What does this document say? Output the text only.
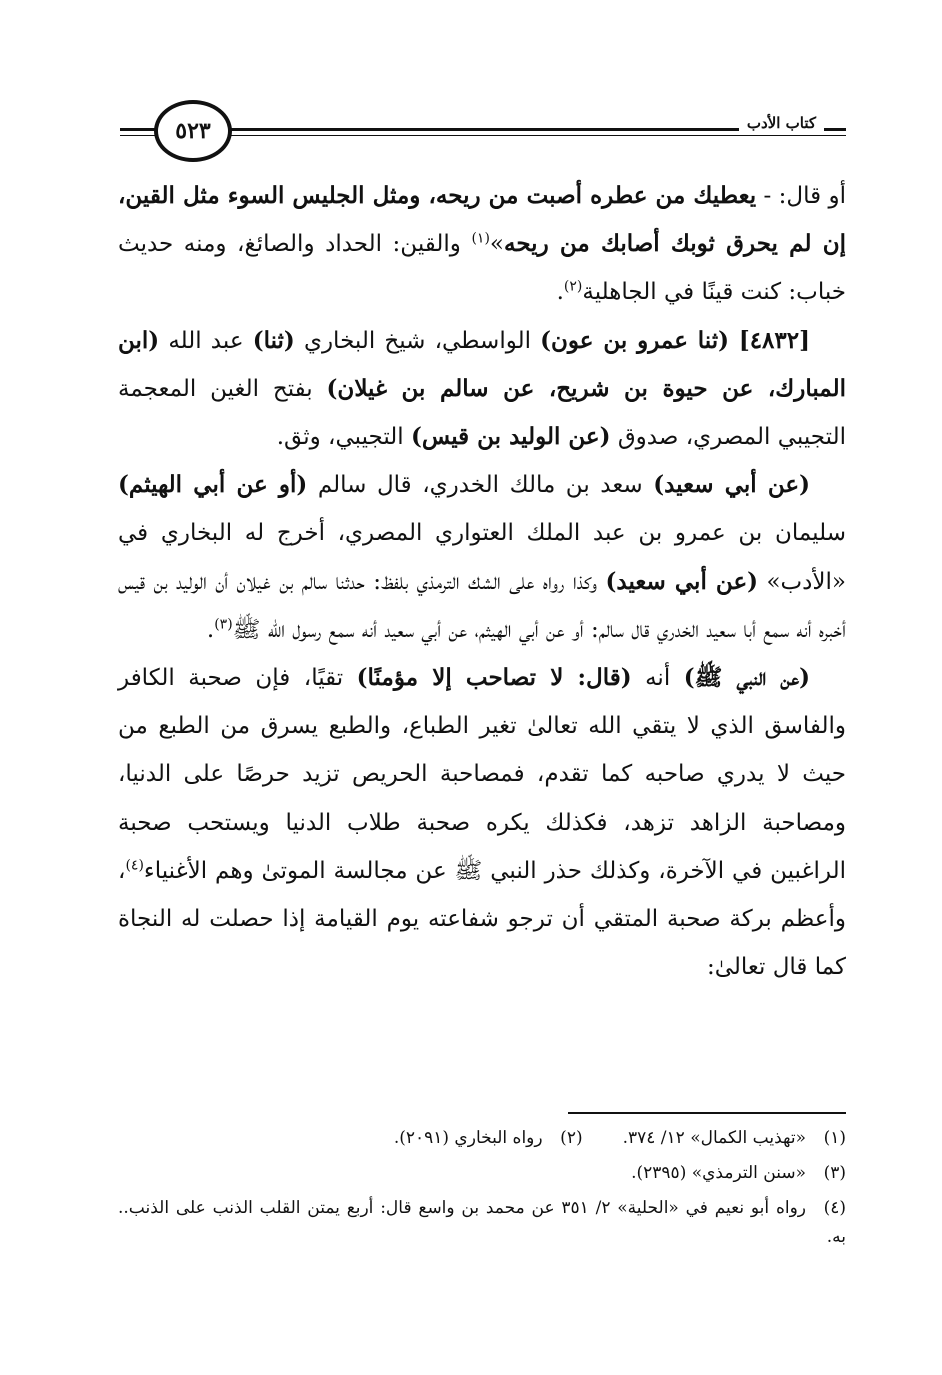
٥٢٣	كتاب الأدب

أو قال: - يعطيك من عطره أصبت من ريحه، ومثل الجليس السوء مثل القين، إن لم يحرق ثوبك أصابك من ريحه»$^{(١)}$ والقين: الحداد والصائغ، ومنه حديث خباب: كنت قينًا في الجاهلية$^{(٢)}$.

[٤٨٣٢] (ثنا عمرو بن عون) الواسطي، شيخ البخاري (ثنا) عبد الله (ابن المبارك، عن حيوة بن شريح، عن سالم بن غيلان) بفتح الغين المعجمة التجيبي المصري، صدوق (عن الوليد بن قيس) التجيبي، وثق.

(عن أبي سعيد) سعد بن مالك الخدري، قال سالم (أو عن أبي الهيثم) سليمان بن عمرو بن عبد الملك العتواري المصري، أخرج له البخاري في «الأدب» (عن أبي سعيد) وكذا رواه على الشك الترمذي بلفظ: حدثنا سالم بن غيلان أن الوليد بن قيس أخبره أنه سمع أبا سعيد الخدري قال سالم: أو عن أبي الهيثم، عن أبي سعيد أنه سمع رسول الله ﷺ$^{(٣)}$.

(عن النبي ﷺ) أنه (قال: لا تصاحب إلا مؤمنًا) تقيًا، فإن صحبة الكافر والفاسق الذي لا يتقي الله تعالىٰ تغير الطباع، والطبع يسرق من الطبع من حيث لا يدري صاحبه كما تقدم، فمصاحبة الحريص تزيد حرصًا على الدنيا، ومصاحبة الزاهد تزهد، فكذلك يكره صحبة طلاب الدنيا ويستحب صحبة الراغبين في الآخرة، وكذلك حذر النبي ﷺ عن مجالسة الموتىٰ وهم الأغنياء$^{(٤)}$، وأعظم بركة صحبة المتقي أن ترجو شفاعته يوم القيامة إذا حصلت له النجاة كما قال تعالىٰ:

(١)«تهذيب الكمال» ١٢/ ٣٧٤.(٢)رواه البخاري (٢٠٩١).
(٣)«سنن الترمذي» (٢٣٩٥).
(٤)رواه أبو نعيم في «الحلية» ٢/ ٣٥١ عن محمد بن واسع قال: أربع يمتن القلب الذنب على الذنب.. به.
